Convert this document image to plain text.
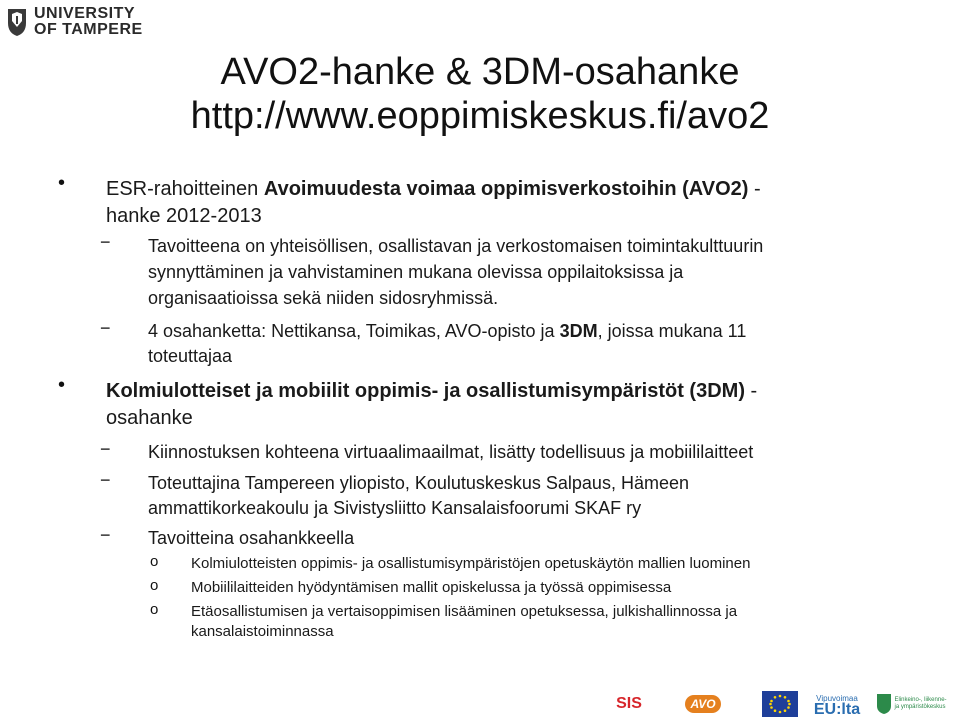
UNIVERSITY
OF TAMPERE
AVO2-hanke & 3DM-osahanke
http://www.eoppimiskeskus.fi/avo2
• ESR-rahoitteinen Avoimuudesta voimaa oppimisverkostoihin (AVO2) -
hanke 2012-2013
− Tavoitteena on yhteisöllisen, osallistavan ja verkostomaisen toimintakulttuurin
synnyttäminen ja vahvistaminen mukana olevissa oppilaitoksissa ja
organisaatioissa sekä niiden sidosryhmissä.
− 4 osahanketta: Nettikansa, Toimikas, AVO-opisto ja 3DM, joissa mukana 11
toteuttajaa
• Kolmiulotteiset ja mobiilit oppimis- ja osallistumisympäristöt (3DM) -
osahanke
− Kiinnostuksen kohteena virtuaalimaailmat, lisätty todellisuus ja mobiililaitteet
− Toteuttajina Tampereen yliopisto, Koulutuskeskus Salpaus, Hämeen
ammattikorkeakoulu ja Sivistysliitto Kansalaisfoorumi SKAF ry
− Tavoitteina osahankkeella
o Kolmiulotteisten oppimis- ja osallistumisympäristöjen opetuskäytön mallien luominen
o Mobiililaitteiden hyödyntämisen mallit opiskelussa ja työssä oppimisessa
o Etäosallistumisen ja vertaisoppimisen lisääminen opetuksessa, julkishallinnossa ja
kansalaistoiminnassa
SIS	AVO	Vipuvoimaa
EU:lta
Elinkeino-, liikenne- ja ympäristökeskus
